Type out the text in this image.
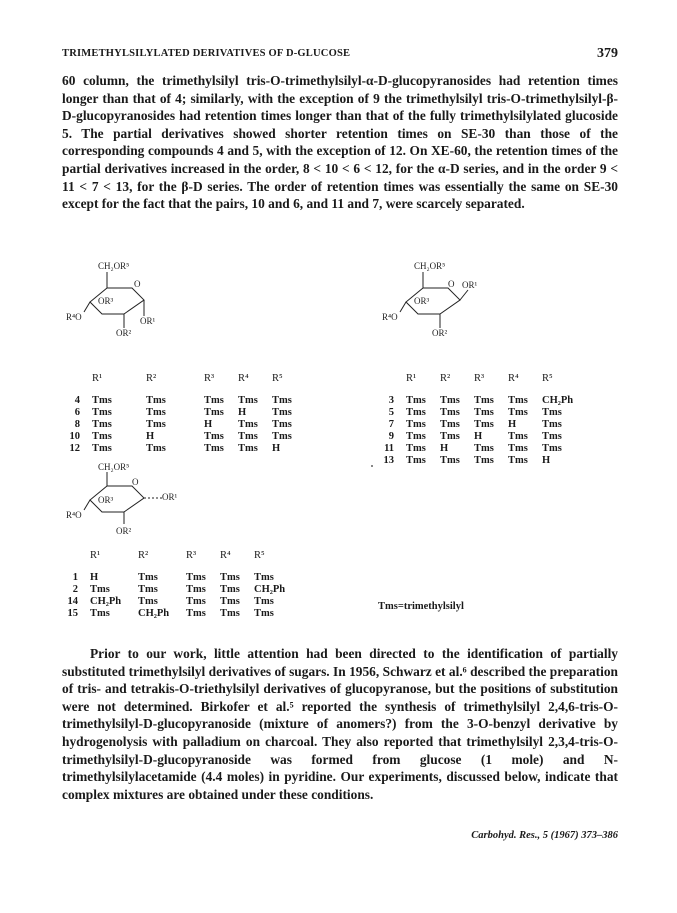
TRIMETHYLSILYLATED DERIVATIVES OF D-GLUCOSE	379
60 column, the trimethylsilyl tris-O-trimethylsilyl-α-D-glucopyranosides had retention times longer than that of 4; similarly, with the exception of 9 the trimethylsilyl tris-O-trimethylsilyl-β-D-glucopyranosides had retention times longer than that of the fully trimethylsilylated glucoside 5. The partial derivatives showed shorter retention times on SE-30 than those of the corresponding compounds 4 and 5, with the exception of 12. On XE-60, the retention times of the partial derivatives increased in the order, 8 < 10 < 6 < 12, for the α-D series, and in the order 9 < 11 < 7 < 13, for the β-D series. The order of retention times was essentially the same on SE-30 except for the fact that the pairs, 10 and 6, and 11 and 7, were scarcely separated.
CH₂OR⁵
O
OR³
OR¹
R⁴O
OR²
CH₂OR⁵
O
OR³
OR¹
R⁴O
OR²
	R¹	R²	R³	R⁴	R⁵
4	Tms	Tms	Tms	Tms	Tms
6	Tms	Tms	Tms	H	Tms
8	Tms	Tms	H	Tms	Tms
10	Tms	H	Tms	Tms	Tms
12	Tms	Tms	Tms	Tms	H
	R¹	R²	R³	R⁴	R⁵
3	Tms	Tms	Tms	Tms	CH₂Ph
5	Tms	Tms	Tms	Tms	Tms
7	Tms	Tms	Tms	H	Tms
9	Tms	Tms	H	Tms	Tms
11	Tms	H	Tms	Tms	Tms
13	Tms	Tms	Tms	Tms	H
CH₂OR⁵
O
OR³	OR¹
R⁴O
OR²
	R¹	R²	R³	R⁴	R⁵
1	H	Tms	Tms	Tms	Tms
2	Tms	Tms	Tms	Tms	CH₂Ph
14	CH₂Ph	Tms	Tms	Tms	Tms
15	Tms	CH₂Ph	Tms	Tms	Tms
Tms=trimethylsilyl
Prior to our work, little attention had been directed to the identification of partially substituted trimethylsilyl derivatives of sugars. In 1956, Schwarz et al.⁶ described the preparation of tris- and tetrakis-O-triethylsilyl derivatives of glucopyranose, but the positions of substitution were not determined. Birkofer et al.⁵ reported the synthesis of trimethylsilyl 2,4,6-tris-O-trimethylsilyl-D-glucopyranoside (mixture of anomers?) from the 3-O-benzyl derivative by hydrogenolysis with palladium on charcoal. They also reported that trimethylsilyl 2,3,4-tris-O-trimethylsilyl-D-glucopyranoside was formed from glucose (1 mole) and N-trimethylsilylacetamide (4.4 moles) in pyridine. Our experiments, discussed below, indicate that complex mixtures are obtained under these conditions.
Carbohyd. Res., 5 (1967) 373–386
